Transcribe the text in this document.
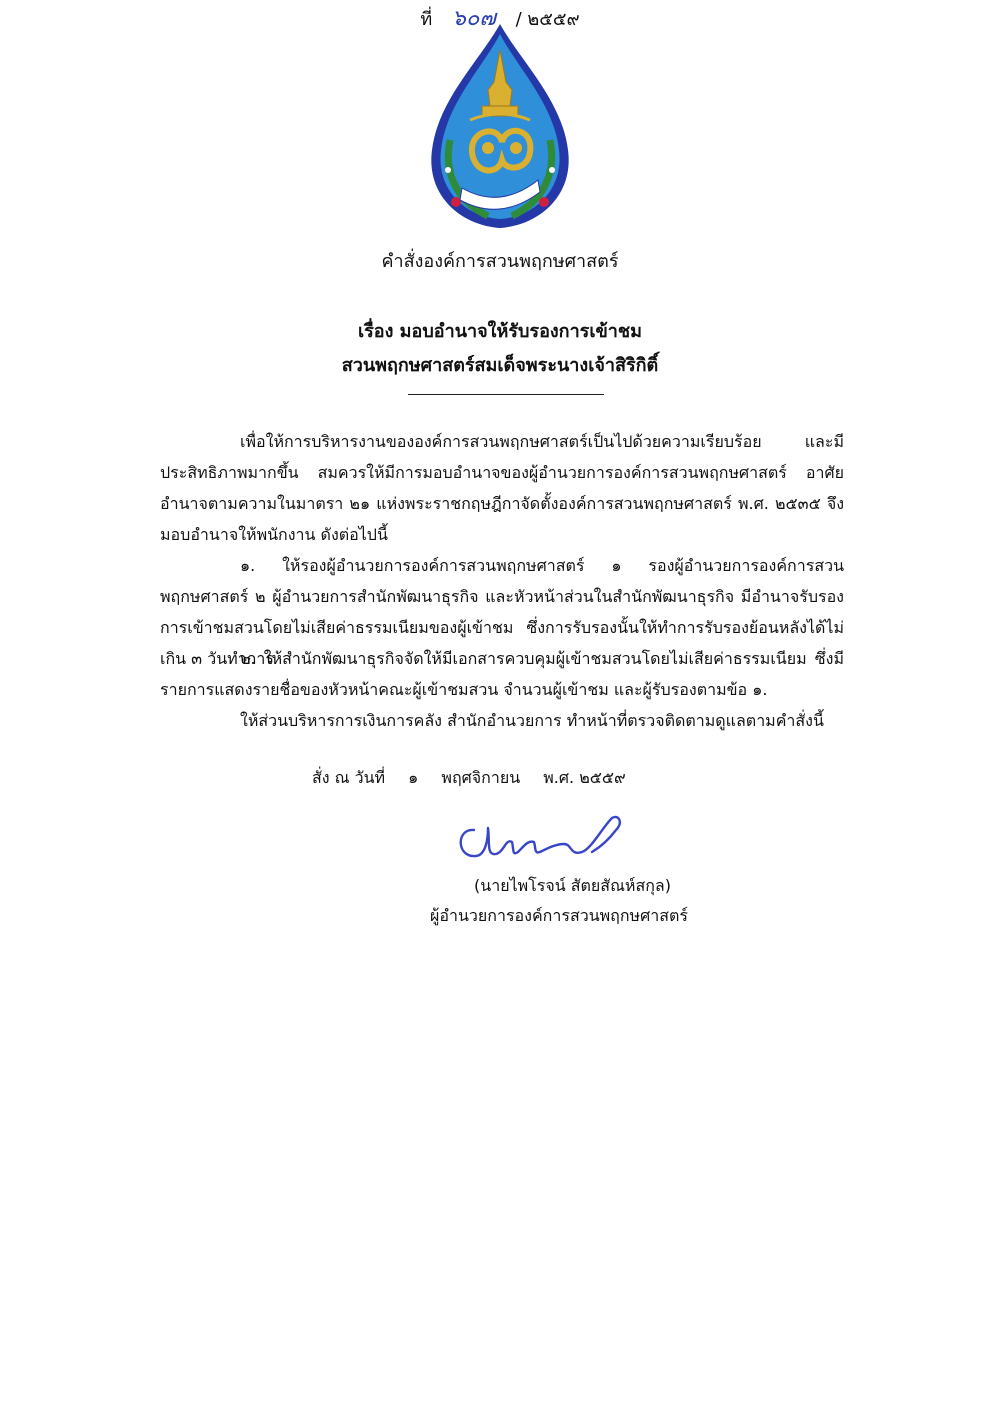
คำสั่งองค์การสวนพฤกษศาสตร์
ที่ ๖๐๗ / ๒๕๕๙
เรื่อง มอบอำนาจให้รับรองการเข้าชม
สวนพฤกษศาสตร์สมเด็จพระนางเจ้าสิริกิติ์
เพื่อให้การบริหารงานขององค์การสวนพฤกษศาสตร์เป็นไปด้วยความเรียบร้อย และมีประสิทธิภาพมากขึ้น สมควรให้มีการมอบอำนาจของผู้อำนวยการองค์การสวนพฤกษศาสตร์ อาศัยอำนาจตามความในมาตรา ๒๑ แห่งพระราชกฤษฎีกาจัดตั้งองค์การสวนพฤกษศาสตร์ พ.ศ. ๒๕๓๕ จึงมอบอำนาจให้พนักงาน ดังต่อไปนี้
๑. ให้รองผู้อำนวยการองค์การสวนพฤกษศาสตร์ ๑ รองผู้อำนวยการองค์การสวนพฤกษศาสตร์ ๒ ผู้อำนวยการสำนักพัฒนาธุรกิจ และหัวหน้าส่วนในสำนักพัฒนาธุรกิจ มีอำนาจรับรองการเข้าชมสวนโดยไม่เสียค่าธรรมเนียมของผู้เข้าชม ซึ่งการรับรองนั้นให้ทำการรับรองย้อนหลังได้ไม่เกิน ๓ วันทำการ
๒. ให้สำนักพัฒนาธุรกิจจัดให้มีเอกสารควบคุมผู้เข้าชมสวนโดยไม่เสียค่าธรรมเนียม ซึ่งมีรายการแสดงรายชื่อของหัวหน้าคณะผู้เข้าชมสวน จำนวนผู้เข้าชม และผู้รับรองตามข้อ ๑.
ให้ส่วนบริหารการเงินการคลัง สำนักอำนวยการ ทำหน้าที่ตรวจติดตามดูแลตามคำสั่งนี้
สั่ง ณ วันที่ ๑ พฤศจิกายน พ.ศ. ๒๕๕๙
(นายไพโรจน์ สัตยสัณห์สกุล)
ผู้อำนวยการองค์การสวนพฤกษศาสตร์
